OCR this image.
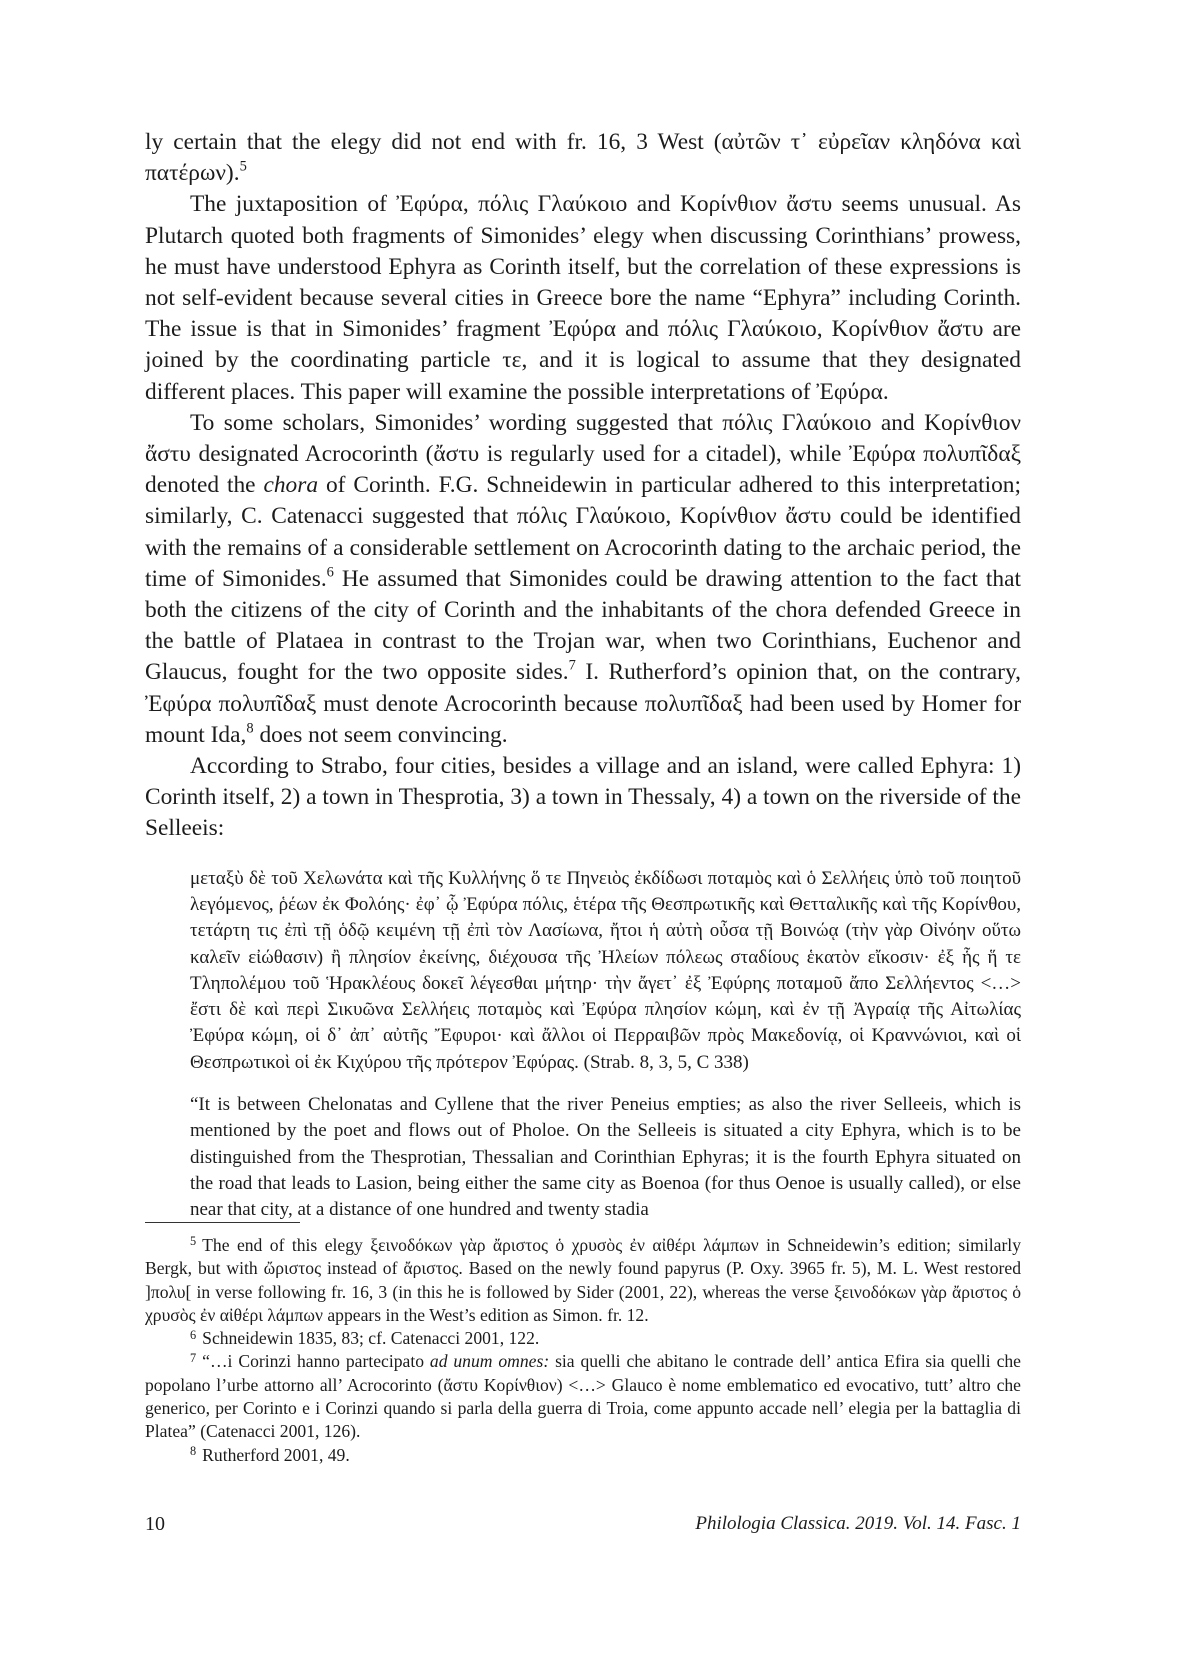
ly certain that the elegy did not end with fr. 16, 3 West (αὐτῶν τ᾽ εὐρεῖαν κληδόνα καὶ πατέρων).$^5$

The juxtaposition of Ἐφύρα, πόλις Γλαύκοιο and Κορίνθιον ἄστυ seems unusual. As Plutarch quoted both fragments of Simonides’ elegy when discussing Corinthians’ prowess, he must have understood Ephyra as Corinth itself, but the correlation of these expressions is not self-evident because several cities in Greece bore the name “Ephyra” including Corinth. The issue is that in Simonides’ fragment Ἐφύρα and πόλις Γλαύκοιο, Κορίνθιον ἄστυ are joined by the coordinating particle τε, and it is logical to assume that they designated different places. This paper will examine the possible interpretations of Ἐφύρα.

To some scholars, Simonides’ wording suggested that πόλις Γλαύκοιο and Κορίνθιον ἄστυ designated Acrocorinth (ἄστυ is regularly used for a citadel), while Ἐφύρα πολυπῖδαξ denoted the chora of Corinth. F.G. Schneidewin in particular adhered to this interpretation; similarly, C. Catenacci suggested that πόλις Γλαύκοιο, Κορίνθιον ἄστυ could be identified with the remains of a considerable settlement on Acrocorinth dating to the archaic period, the time of Simonides.$^6$ He assumed that Simonides could be drawing attention to the fact that both the citizens of the city of Corinth and the inhabitants of the chora defended Greece in the battle of Plataea in contrast to the Trojan war, when two Corinthians, Euchenor and Glaucus, fought for the two opposite sides.$^7$ I. Rutherford’s opinion that, on the contrary, Ἐφύρα πολυπῖδαξ must denote Acrocorinth because πολυπῖδαξ had been used by Homer for mount Ida,$^8$ does not seem convincing.

According to Strabo, four cities, besides a village and an island, were called Ephyra: 1) Corinth itself, 2) a town in Thesprotia, 3) a town in Thessaly, 4) a town on the riverside of the Selleeis:

μεταξὺ δὲ τοῦ Χελωνάτα καὶ τῆς Κυλλήνης ὅ τε Πηνειὸς ἐκδίδωσι ποταμὸς καὶ ὁ Σελλήεις ὑπὸ τοῦ ποιητοῦ λεγόμενος, ῥέων ἐκ Φολόης· ἐφ᾽ ᾧ Ἐφύρα πόλις, ἑτέρα τῆς Θεσπρωτικῆς καὶ Θετταλικῆς καὶ τῆς Κορίνθου, τετάρτη τις ἐπὶ τῇ ὁδῷ κειμένη τῇ ἐπὶ τὸν Λασίωνα, ἤτοι ἡ αὐτὴ οὖσα τῇ Βοινώᾳ (τὴν γὰρ Οἰνόην οὕτω καλεῖν εἰώθασιν) ἢ πλησίον ἐκείνης, διέχουσα τῆς Ἠλείων πόλεως σταδίους ἑκατὸν εἴκοσιν· ἐξ ἧς ἥ τε Τληπολέμου τοῦ Ἡρακλέους δοκεῖ λέγεσθαι μήτηρ· τὴν ἄγετ᾽ ἐξ Ἐφύρης ποταμοῦ ἄπο Σελλήεντος <…> ἔστι δὲ καὶ περὶ Σικυῶνα Σελλήεις ποταμὸς καὶ Ἐφύρα πλησίον κώμη, καὶ ἐν τῇ Ἀγραίᾳ τῆς Αἰτωλίας Ἐφύρα κώμη, οἱ δ᾽ ἀπ᾽ αὐτῆς Ἔφυροι· καὶ ἄλλοι οἱ Περραιβῶν πρὸς Μακεδονίᾳ, οἱ Κραννώνιοι, καὶ οἱ Θεσπρωτικοὶ οἱ ἐκ Κιχύρου τῆς πρότερον Ἐφύρας. (Strab. 8, 3, 5, C 338)

“It is between Chelonatas and Cyllene that the river Peneius empties; as also the river Selleeis, which is mentioned by the poet and flows out of Pholoe. On the Selleeis is situated a city Ephyra, which is to be distinguished from the Thesprotian, Thessalian and Corinthian Ephyras; it is the fourth Ephyra situated on the road that leads to Lasion, being either the same city as Boenoa (for thus Oenoe is usually called), or else near that city, at a distance of one hundred and twenty stadia

$^5$ The end of this elegy ξεινοδόκων γὰρ ἄριστος ὁ χρυσὸς ἐν αἰθέρι λάμπων in Schneidewin’s edition; similarly Bergk, but with ὤριστος instead of ἄριστος. Based on the newly found papyrus (P. Oxy. 3965 fr. 5), M. L. West restored ]πολυ[ in verse following fr. 16, 3 (in this he is followed by Sider (2001, 22), whereas the verse ξεινοδόκων γὰρ ἄριστος ὁ χρυσὸς ἐν αἰθέρι λάμπων appears in the West’s edition as Simon. fr. 12.

$^6$ Schneidewin 1835, 83; cf. Catenacci 2001, 122.

$^7$ “…i Corinzi hanno partecipato ad unum omnes: sia quelli che abitano le contrade dell’ antica Efira sia quelli che popolano l’urbe attorno all’ Acrocorinto (ἄστυ Κορίνθιον) <…> Glauco è nome emblematico ed evocativo, tutt’ altro che generico, per Corinto e i Corinzi quando si parla della guerra di Troia, come appunto accade nell’ elegia per la battaglia di Platea” (Catenacci 2001, 126).

$^8$ Rutherford 2001, 49.

10	Philologia Classica. 2019. Vol. 14. Fasc. 1
